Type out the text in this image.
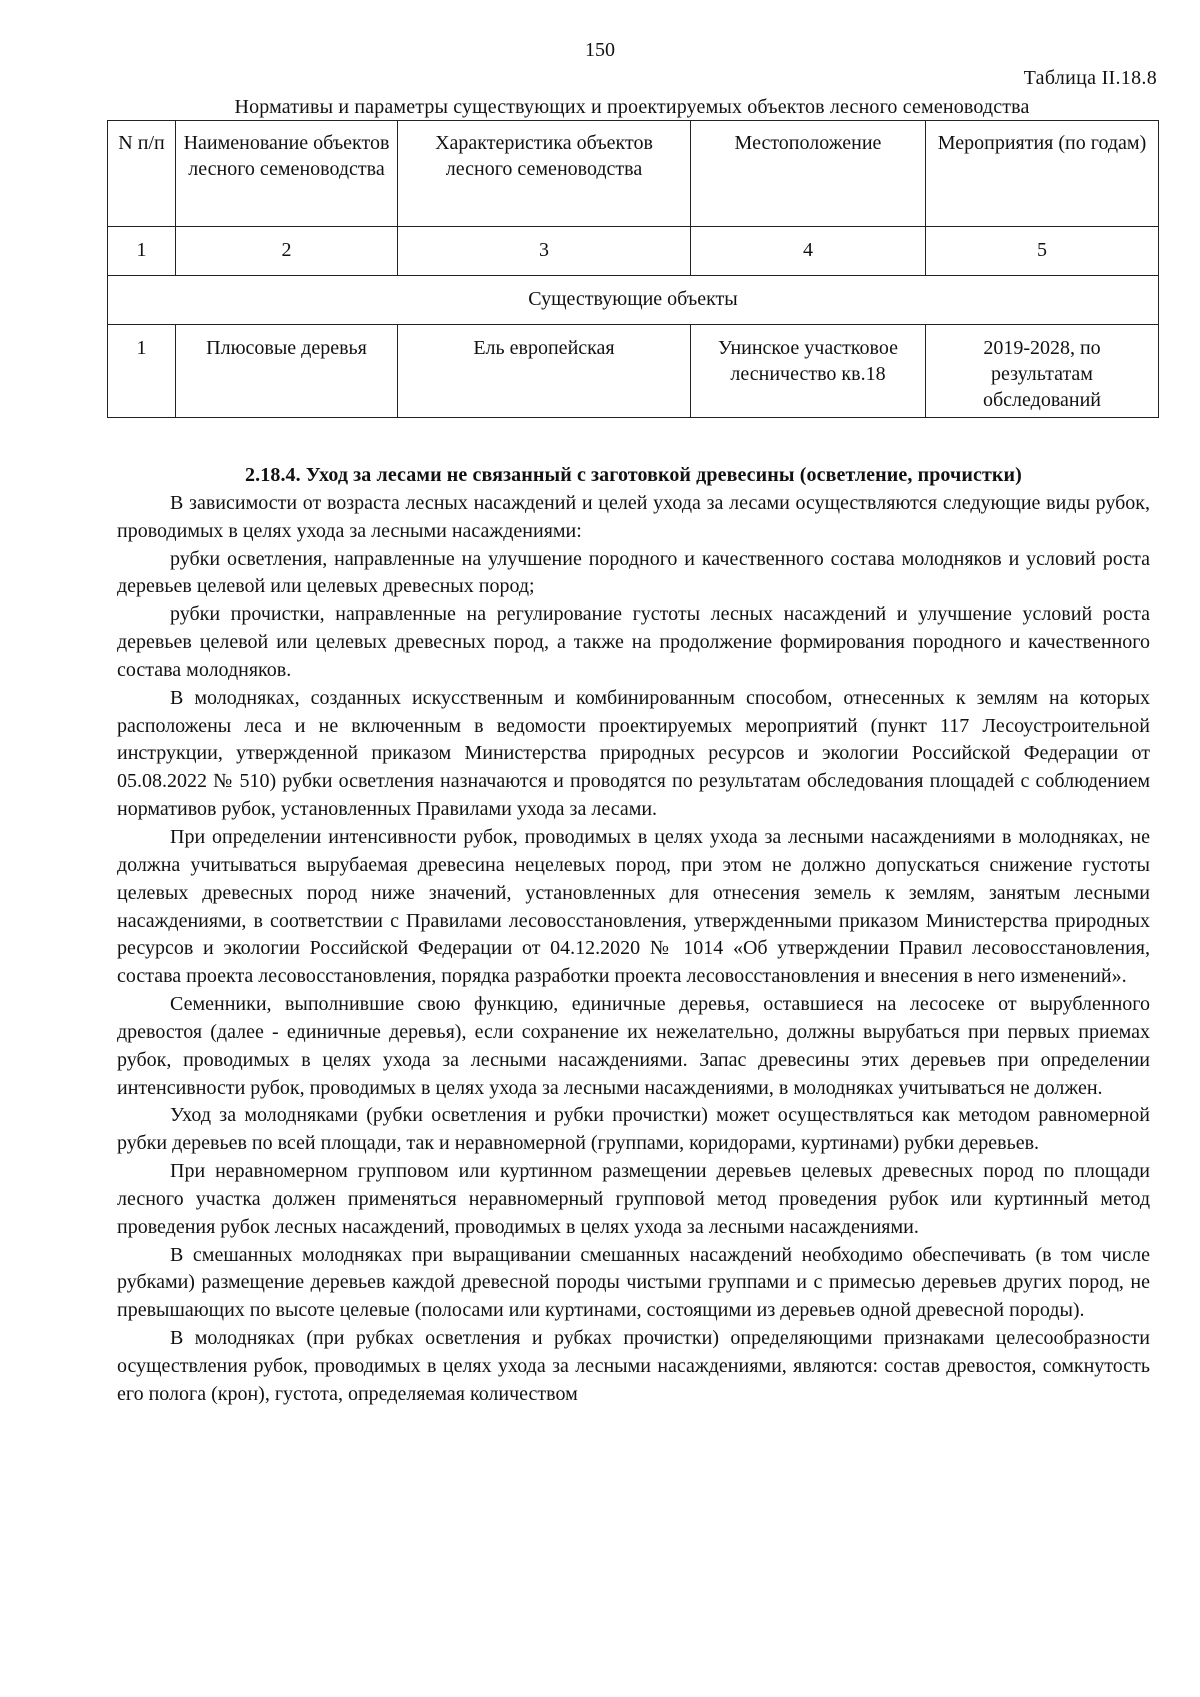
150
Таблица II.18.8
Нормативы и параметры существующих и проектируемых объектов лесного семеноводства
N п/п	Наименование объектов лесного семеноводства	Характеристика объектов лесного семеноводства	Местоположение	Мероприятия (по годам)
1	2	3	4	5
Существующие объекты				
1	Плюсовые деревья	Ель европейская	Унинское участковое лесничество кв.18	2019-2028, по результатам обследований

2.18.4. Уход за лесами не связанный с заготовкой древесины (осветление, прочистки)

В зависимости от возраста лесных насаждений и целей ухода за лесами осуществляются следующие виды рубок, проводимых в целях ухода за лесными насаждениями:

рубки осветления, направленные на улучшение породного и качественного состава молодняков и условий роста деревьев целевой или целевых древесных пород;

рубки прочистки, направленные на регулирование густоты лесных насаждений и улучшение условий роста деревьев целевой или целевых древесных пород, а также на продолжение формирования породного и качественного состава молодняков.

В молодняках, созданных искусственным и комбинированным способом, отнесенных к землям на которых расположены леса и не включенным в ведомости проектируемых мероприятий (пункт 117 Лесоустроительной инструкции, утвержденной приказом Министерства природных ресурсов и экологии Российской Федерации от 05.08.2022 № 510) рубки осветления назначаются и проводятся по результатам обследования площадей с соблюдением нормативов рубок, установленных Правилами ухода за лесами.

При определении интенсивности рубок, проводимых в целях ухода за лесными насаждениями в молодняках, не должна учитываться вырубаемая древесина нецелевых пород, при этом не должно допускаться снижение густоты целевых древесных пород ниже значений, установленных для отнесения земель к землям, занятым лесными насаждениями, в соответствии с Правилами лесовосстановления, утвержденными приказом Министерства природных ресурсов и экологии Российской Федерации от 04.12.2020 № 1014 «Об утверждении Правил лесовосстановления, состава проекта лесовосстановления, порядка разработки проекта лесовосстановления и внесения в него изменений».

Семенники, выполнившие свою функцию, единичные деревья, оставшиеся на лесосеке от вырубленного древостоя (далее - единичные деревья), если сохранение их нежелательно, должны вырубаться при первых приемах рубок, проводимых в целях ухода за лесными насаждениями. Запас древесины этих деревьев при определении интенсивности рубок, проводимых в целях ухода за лесными насаждениями, в молодняках учитываться не должен.

Уход за молодняками (рубки осветления и рубки прочистки) может осуществляться как методом равномерной рубки деревьев по всей площади, так и неравномерной (группами, коридорами, куртинами) рубки деревьев.

При неравномерном групповом или куртинном размещении деревьев целевых древесных пород по площади лесного участка должен применяться неравномерный групповой метод проведения рубок или куртинный метод проведения рубок лесных насаждений, проводимых в целях ухода за лесными насаждениями.

В смешанных молодняках при выращивании смешанных насаждений необходимо обеспечивать (в том числе рубками) размещение деревьев каждой древесной породы чистыми группами и с примесью деревьев других пород, не превышающих по высоте целевые (полосами или куртинами, состоящими из деревьев одной древесной породы).

В молодняках (при рубках осветления и рубках прочистки) определяющими признаками целесообразности осуществления рубок, проводимых в целях ухода за лесными насаждениями, являются: состав древостоя, сомкнутость его полога (крон), густота, определяемая количеством
